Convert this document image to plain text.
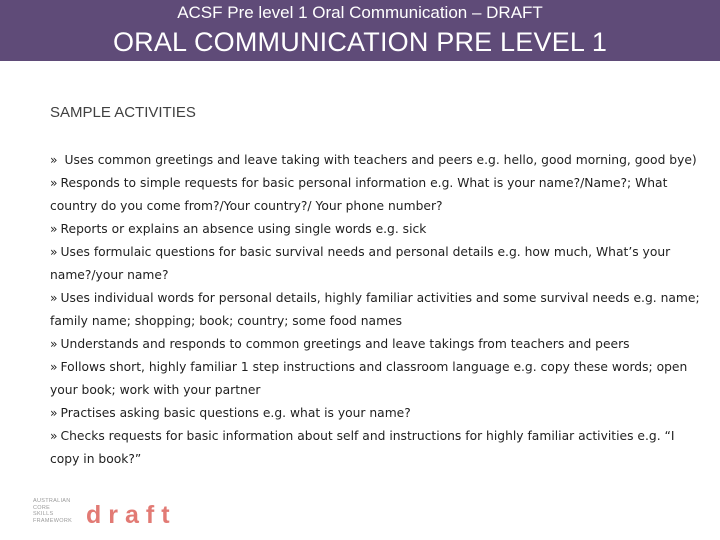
ACSF Pre level 1 Oral Communication – DRAFT
ORAL COMMUNICATION PRE LEVEL 1
SAMPLE ACTIVITIES
» Uses common greetings and leave taking with teachers and peers e.g. hello, good morning, good bye)
» Responds to simple requests for basic personal information e.g. What is your name?/Name?; What country do you come from?/Your country?/ Your phone number?
» Reports or explains an absence using single words e.g. sick
» Uses formulaic questions for basic survival needs and personal details e.g. how much, What’s your name?/your name?
» Uses individual words for personal details, highly familiar activities and some survival needs e.g. name; family name; shopping; book; country; some food names
» Understands and responds to common greetings and leave takings from teachers and peers
» Follows short, highly familiar 1 step instructions and classroom language e.g. copy these words; open your book; work with your partner
» Practises asking basic questions e.g. what is your name?
» Checks requests for basic information about self and instructions for highly familiar activities e.g. “I copy in book?”
AUSTRALIAN
CORE
SKILLS
FRAMEWORK draft
